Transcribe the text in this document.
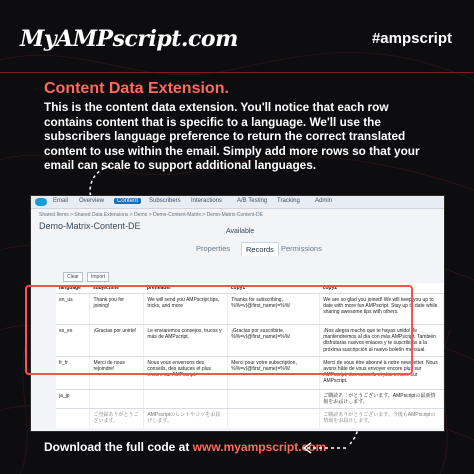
MyAMPscript.com	#ampscript
Content Data Extension.
This is the content data extension. You'll notice that each row contains content that is specific to a language. We'll use the subscribers language preference to return the correct translated content to use within the email. Simply add more rows so that your email can scale to support additional languages.
Email Overview	Content	Subscribers Interactions A/B Testing Tracking	Admin
Shared Items > Shared Data Extensions > Demo > Demo-Content-Matrix > Demo-Matrix-Content-DE
Demo-Matrix-Content-DE
Available
Properties	Records Permissions
Clear	Import
language	subjectline	preheader	copy1	copy2
en_us	Thank you for joining!	We will send you AMPscript tips, tricks, and more	Thanks for subscribing, %%=v(@first_name)=%%!	We are so glad you joined! We will keep you up to date with more fun AMPscript. Stay up to date while sharing awesome tips with others.
es_es	¡Gracias por unirte!	Le enviaremos consejos, trucos y más de AMPscript.	¡Gracias por suscribirte, %%=v(@first_name)=%%!	¡Nos alegra mucho que te hayas unido! Te mantendremos al día con más AMPscript. También disfrutarás nuevos enlaces y te suscribirás a la próxima suscripción al nuevo boletín mensual.
fr_fr	Merci de nous rejoindre!	Nous vous enverrons des conseils, des astuces et plus encore sur AMPscript.	Merci pour votre subscription, %%=v(@first_name)=%%!	Merci de vous être abonné à notre newsletter. Nous avons hâte de vous envoyer encore plus sur AMPscript, des conseils et plus encore sur AMPscript.
ja_jp				ご購読ありがとうございます。AMPscriptの最新情報をお届けします。
	ご登録ありがとうございます。	AMPscriptのヒントやコツをお届けします。		ご購読ありがとうございます。今後もAMPscriptの情報をお届けします。
Download the full code at www.myampscript.com
